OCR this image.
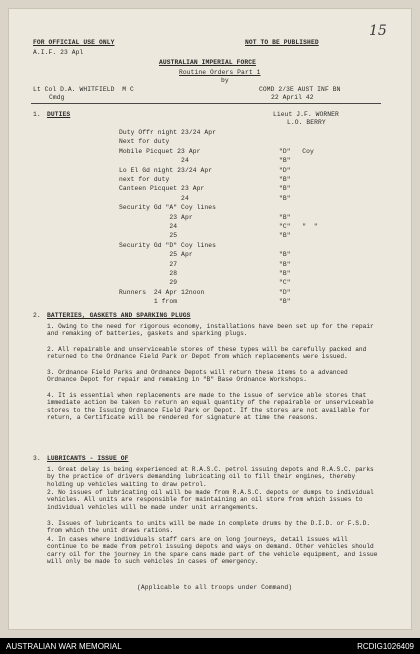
15
FOR OFFICIAL USE ONLY	NOT TO BE PUBLISHED
A.I.F. 23 Apl
AUSTRALIAN IMPERIAL FORCE
Routine Orders Part 1
by
Lt Col D.A. WHITFIELD  M C
Cmdg
COMD 2/3E AUST INF BN
22 April 42
1. DUTIES	Lieut J.F. WORNER
L.O. BERRY
2. BATTERIES, GASKETS AND SPARKING PLUGS
1. Owing to the need for rigorous economy, installations have been set up for the repair and remaking of batteries, gaskets and sparking plugs.
2. All repairable and unserviceable stores of these types will be carefully packed and returned to the Ordnance Field Park or Depot from which replacements were issued.
3. Ordnance Field Parks and Ordnance Depots will return these items to a advanced Ordnance Depot for repair and remaking in "B" Base Ordnance Workshops.
4. It is essential when replacements are made to the issue of service able stores that immediate action be taken to return an equal quantity of the repairable or unserviceable stores to the Issuing Ordnance Field Park or Depot. If the stores are not available for return, a Certificate will be rendered for signature at time the reasons.
3. LUBRICANTS - ISSUE OF
1. Great delay is being experienced at R.A.S.C. petrol issuing depots and R.A.S.C. parks by the practice of drivers demanding lubricating oil to fill their engines, thereby holding up vehicles waiting to draw petrol.
2. No issues of lubricating oil will be made from R.A.S.C. depots or dumps to individual vehicles. All units are responsible for maintaining an oil store from which issues to individual vehicles will be made under unit arrangements.
3. Issues of lubricants to units will be made in complete drums by the D.I.D. or F.S.D. from which the unit draws rations.
4. In cases where individuals staff cars are on long journeys, detail issues will continue to be made from petrol issuing depots and ways on demand. Other vehicles should carry oil for the journey in the spare cans made part of the vehicle equipment, and issue will only be made to such vehicles in cases of emergency.
(Applicable to all troops under Command)
Duty Offr night 23/24 Apr
Next for duty
Mobile Picquet 23 Apr	"D"   Coy
24	"B"
Lo El Gd night 23/24 Apr	"D"
next for duty	"B"
Canteen Picquet 23 Apr	"B"
24	"B"
Security Gd "A" Coy lines
23 Apr	"B"
24	"C"   "  "
25	"B"
Security Gd "D" Coy lines
25 Apr	"B"
27	"B"
28	"B"
29	"C"
Runners  24 Apr 12noon	"D"
1 from	"B"
AUSTRALIAN WAR MEMORIAL	RCDIG1026409
